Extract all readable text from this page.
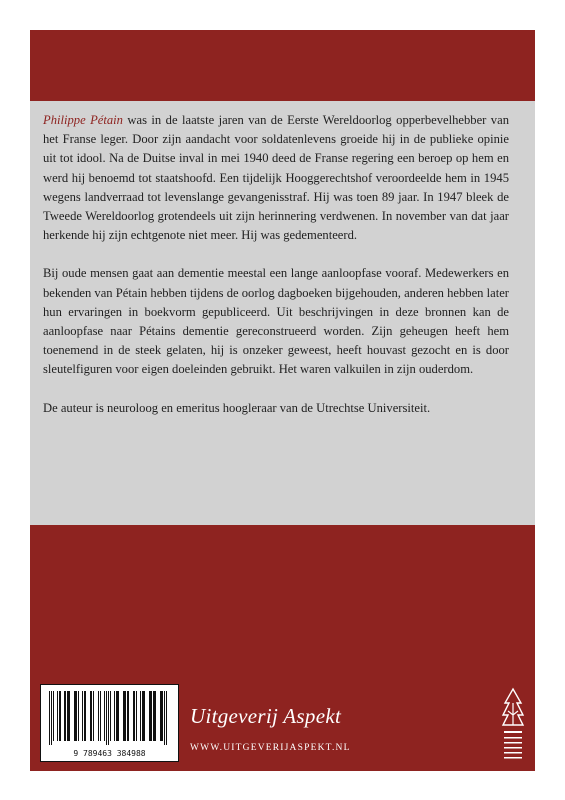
Philippe Pétain was in de laatste jaren van de Eerste Wereldoorlog opperbevelhebber van het Franse leger. Door zijn aandacht voor soldatenlevens groeide hij in de publieke opinie uit tot idool. Na de Duitse inval in mei 1940 deed de Franse regering een beroep op hem en werd hij benoemd tot staatshoofd. Een tijdelijk Hooggerechtshof veroordeelde hem in 1945 wegens landverraad tot levenslange gevangenisstraf. Hij was toen 89 jaar. In 1947 bleek de Tweede Wereldoorlog grotendeels uit zijn herinnering verdwenen. In november van dat jaar herkende hij zijn echtgenote niet meer. Hij was gedementeerd.

Bij oude mensen gaat aan dementie meestal een lange aanloopfase vooraf. Medewerkers en bekenden van Pétain hebben tijdens de oorlog dagboeken bijgehouden, anderen hebben later hun ervaringen in boekvorm gepubliceerd. Uit beschrijvingen in deze bronnen kan de aanloopfase naar Pétains dementie gereconstrueerd worden. Zijn geheugen heeft hem toenemend in de steek gelaten, hij is onzeker geweest, heeft houvast gezocht en is door sleutelfiguren voor eigen doeleinden gebruikt. Het waren valkuilen in zijn ouderdom.

De auteur is neuroloog en emeritus hoogleraar van de Utrechtse Universiteit.

9 789463 384988
Uitgeverij Aspekt
WWW.UITGEVERIJASPEKT.NL
